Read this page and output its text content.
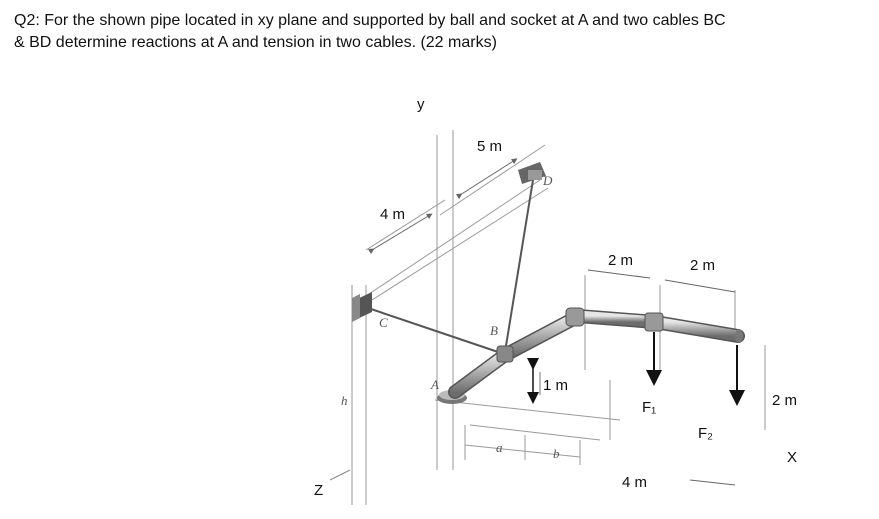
Q2: For the shown pipe located in xy plane and supported by ball and socket at A and two cables BC
& BD determine reactions at A and tension in two cables. (22 marks)
y
Z
X
5 m
4 m
2 m	2 m
1 m
2 m
4 m
F₁
F₂
A
B
C
D
a	b
h
